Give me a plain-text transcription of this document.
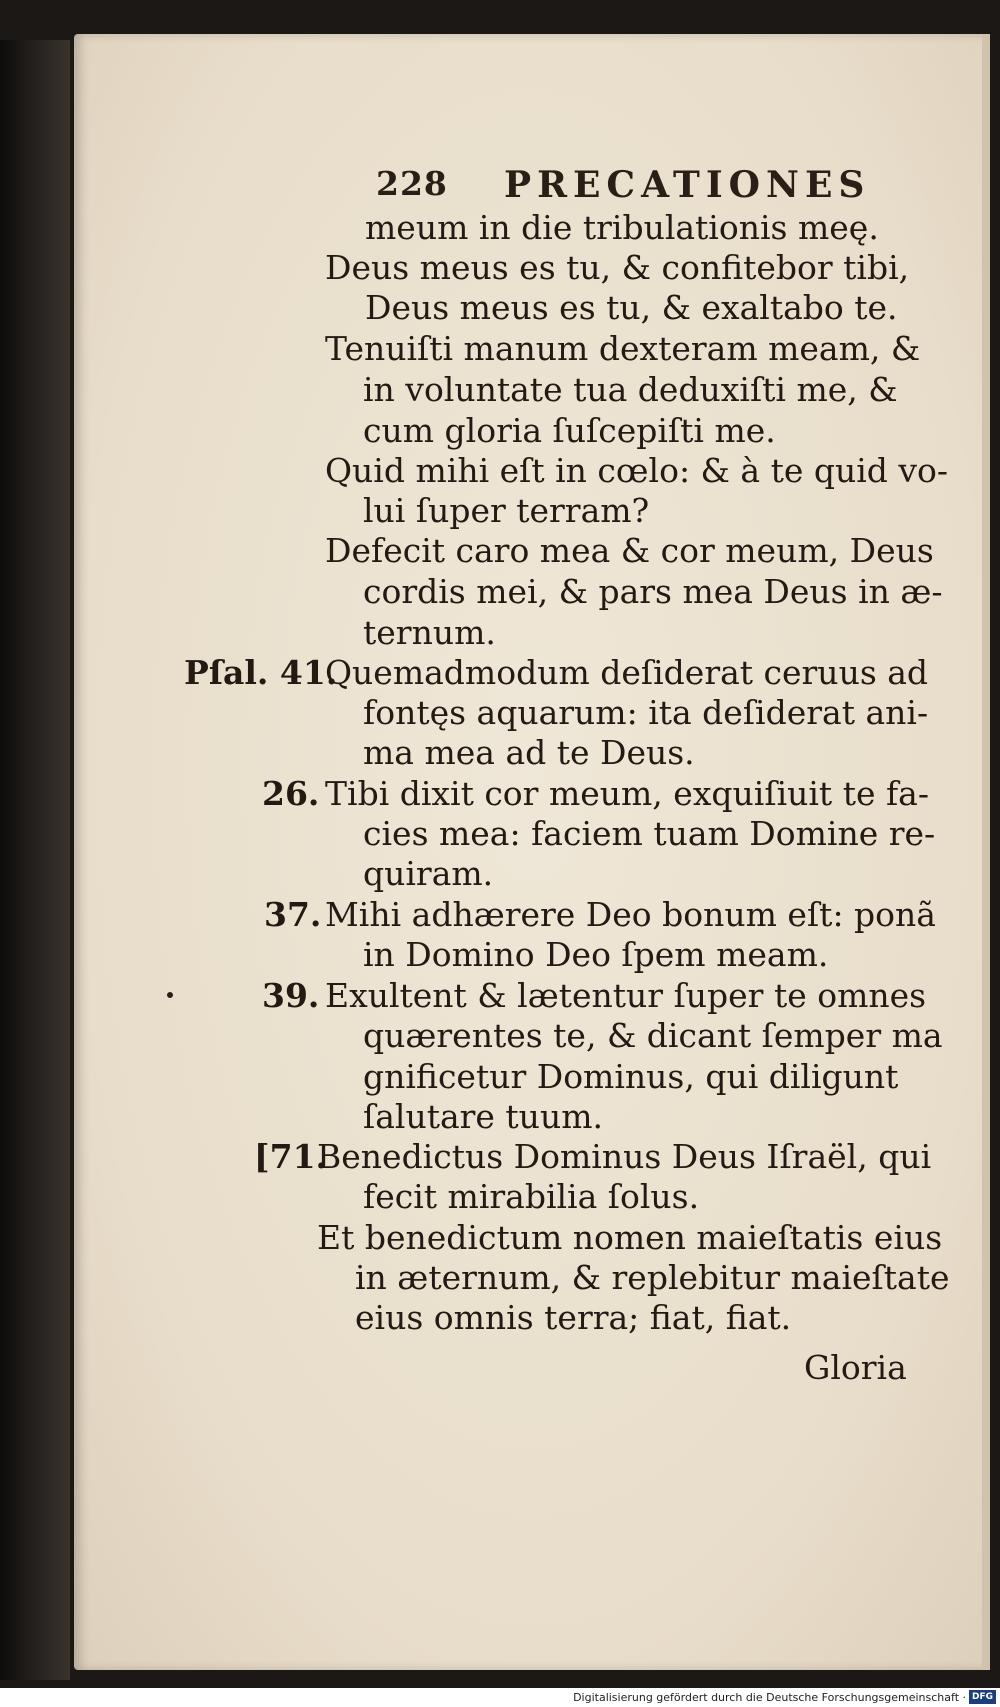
228 PRECATIONES
meum in die tribulationis meę.
Deus meus es tu, & confitebor tibi,
Deus meus es tu, & exaltabo te.
Tenuiſti manum dexteram meam, &
in voluntate tua deduxiſti me, &
cum gloria ſuſcepiſti me.
Quid mihi eſt in cœlo: & à te quid vo-
lui ſuper terram?
Defecit caro mea & cor meum, Deus
cordis mei, & pars mea Deus in æ-
ternum.
Pſal. 41.
Quemadmodum deſiderat ceruus ad
fontęs aquarum: ita deſiderat ani-
ma mea ad te Deus.
26. Tibi dixit cor meum, exquiſiuit te fa-
cies mea: faciem tuam Domine re-
quiram.
37. Mihi adhærere Deo bonum eſt: ponã
in Domino Deo ſpem meam.
39. Exultent & lætentur ſuper te omnes
quærentes te, & dicant ſemper ma
gnificetur Dominus, qui diligunt
ſalutare tuum.
[71.
Benedictus Dominus Deus Iſraël, qui
fecit mirabilia ſolus.
Et benedictum nomen maieſtatis eius
in æternum, & replebitur maieſtate
eius omnis terra; fiat, fiat.
Gloria
Digitalisierung gefördert durch die Deutsche Forschungsgemeinschaft · DFG
